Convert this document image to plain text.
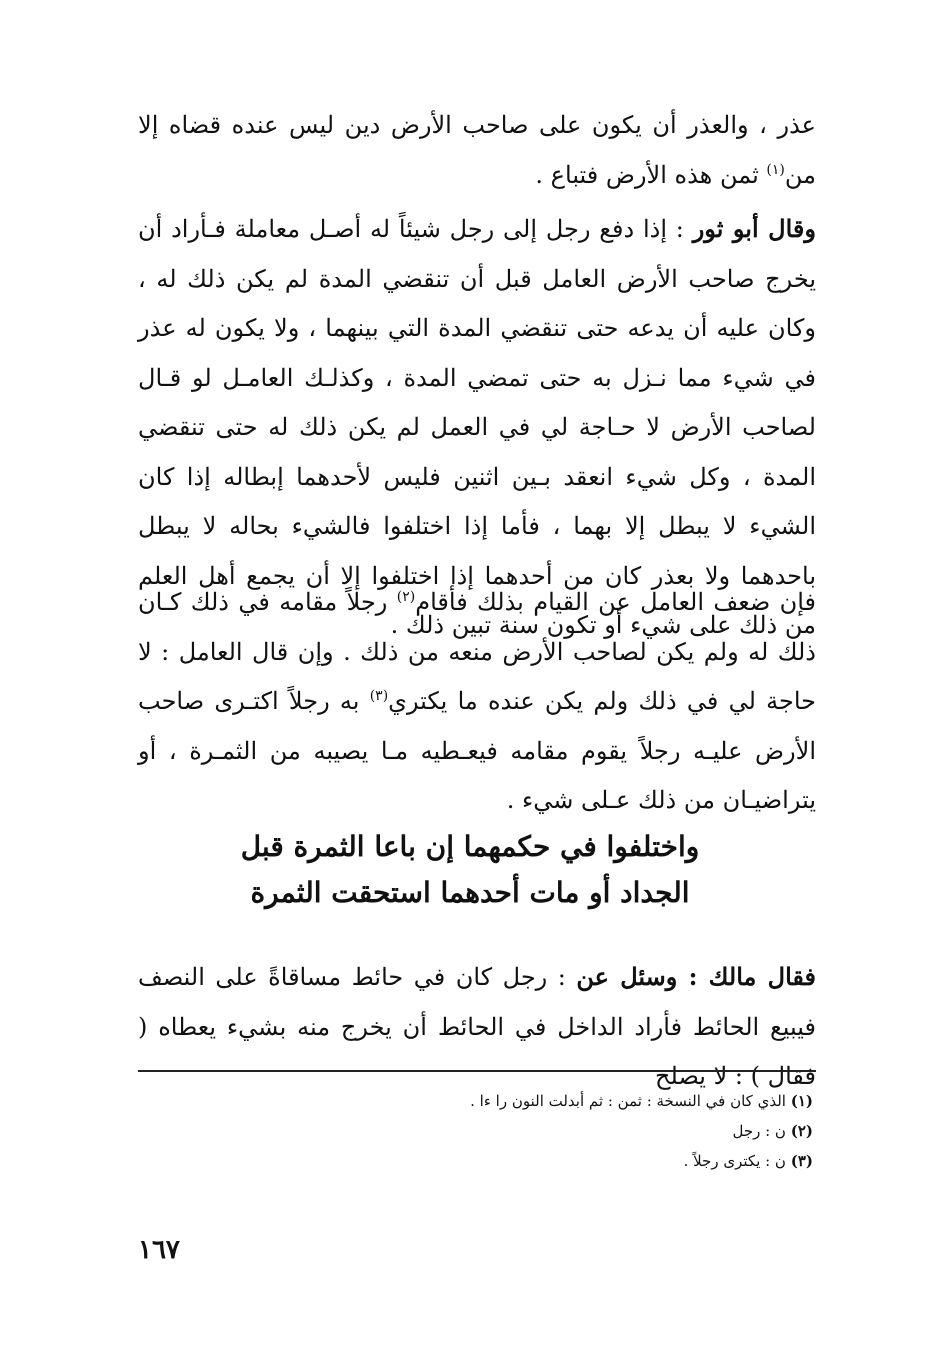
عذر ، والعذر أن يكون على صاحب الأرض دين ليس عنده قضاه إلا من$^{(١)}$ ثمن هذه الأرض فتباع .

وقال أبو ثور : إذا دفع رجل إلى رجل شيئاً له أصـل معاملة فـأراد أن يخرج صاحب الأرض العامل قبل أن تنقضي المدة لم يكن ذلك له ، وكان عليه أن يدعه حتى تنقضي المدة التي بينهما ، ولا يكون له عذر في شيء مما نـزل به حتى تمضي المدة ، وكذلـك العامـل لو قـال لصاحب الأرض لا حـاجة لي في العمل لم يكن ذلك له حتى تنقضي المدة ، وكل شيء انعقد بـين اثنين فليس لأحدهما إبطاله إذا كان الشيء لا يبطل إلا بهما ، فأما إذا اختلفوا فالشيء بحاله لا يبطل باحدهما ولا بعذر كان من أحدهما إذا اختلفوا إلا أن يجمع أهل العلم من ذلك على شيء أو تكون سنة تبين ذلك .

فإن ضعف العامل عن القيام بذلك فأقام$^{(٢)}$ رجلاً مقامه في ذلك كـان ذلك له ولم يكن لصاحب الأرض منعه من ذلك . وإن قال العامل : لا حاجة لي في ذلك ولم يكن عنده ما يكتري$^{(٣)}$ به رجلاً اكتـرى صاحب الأرض عليـه رجلاً يقوم مقامه فيعـطيه مـا يصيبه من الثمـرة ، أو يتراضيـان من ذلك عـلى شيء .

واختلفوا في حكمهما إن باعا الثمرة قبل
الجداد أو مات أحدهما استحقت الثمرة

فقال مالك : وسئل عن : رجل كان في حائط مساقاةً على النصف فيبيع الحائط فأراد الداخل في الحائط أن يخرج منه بشيء يعطاه ( فقال ) : لا يصلح

(١) الذي كان في النسخة : ثمن : ثم أبدلت النون را ءا .
(٢) ن : رجل
(٣) ن : يكترى رجلاً .
١٦٧
